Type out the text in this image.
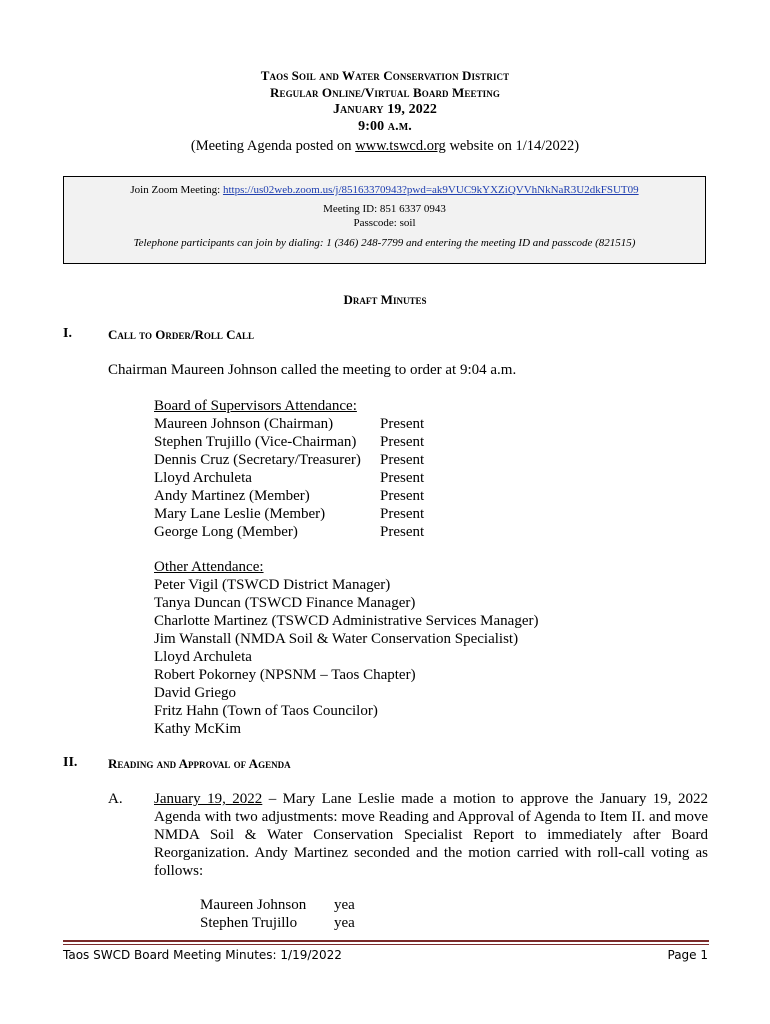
Taos Soil and Water Conservation District
Regular Online/Virtual Board Meeting
January 19, 2022
9:00 a.m.
(Meeting Agenda posted on www.tswcd.org website on 1/14/2022)
Join Zoom Meeting: https://us02web.zoom.us/j/85163370943?pwd=ak9VUC9kYXZiQVVhNkNaR3U2dkFSUT09
Meeting ID: 851 6337 0943
Passcode: soil
Telephone participants can join by dialing: 1 (346) 248-7799 and entering the meeting ID and passcode (821515)
Draft Minutes
I.	Call to Order/Roll Call
Chairman Maureen Johnson called the meeting to order at 9:04 a.m.
Board of Supervisors Attendance:
Maureen Johnson (Chairman)	Present
Stephen Trujillo (Vice-Chairman) Present
Dennis Cruz (Secretary/Treasurer) Present
Lloyd Archuleta	Present
Andy Martinez (Member)	Present
Mary Lane Leslie (Member)	Present
George Long (Member)	Present
Other Attendance:
Peter Vigil (TSWCD District Manager)
Tanya Duncan (TSWCD Finance Manager)
Charlotte Martinez (TSWCD Administrative Services Manager)
Jim Wanstall (NMDA Soil & Water Conservation Specialist)
Lloyd Archuleta
Robert Pokorney (NPSNM – Taos Chapter)
David Griego
Fritz Hahn (Town of Taos Councilor)
Kathy McKim
II. Reading and Approval of Agenda
A. January 19, 2022 – Mary Lane Leslie made a motion to approve the January 19, 2022 Agenda with two adjustments: move Reading and Approval of Agenda to Item II. and move NMDA Soil & Water Conservation Specialist Report to immediately after Board Reorganization. Andy Martinez seconded and the motion carried with roll-call voting as follows:
Maureen Johnson yea
Stephen Trujillo yea
Taos SWCD Board Meeting Minutes: 1/19/2022	Page 1
